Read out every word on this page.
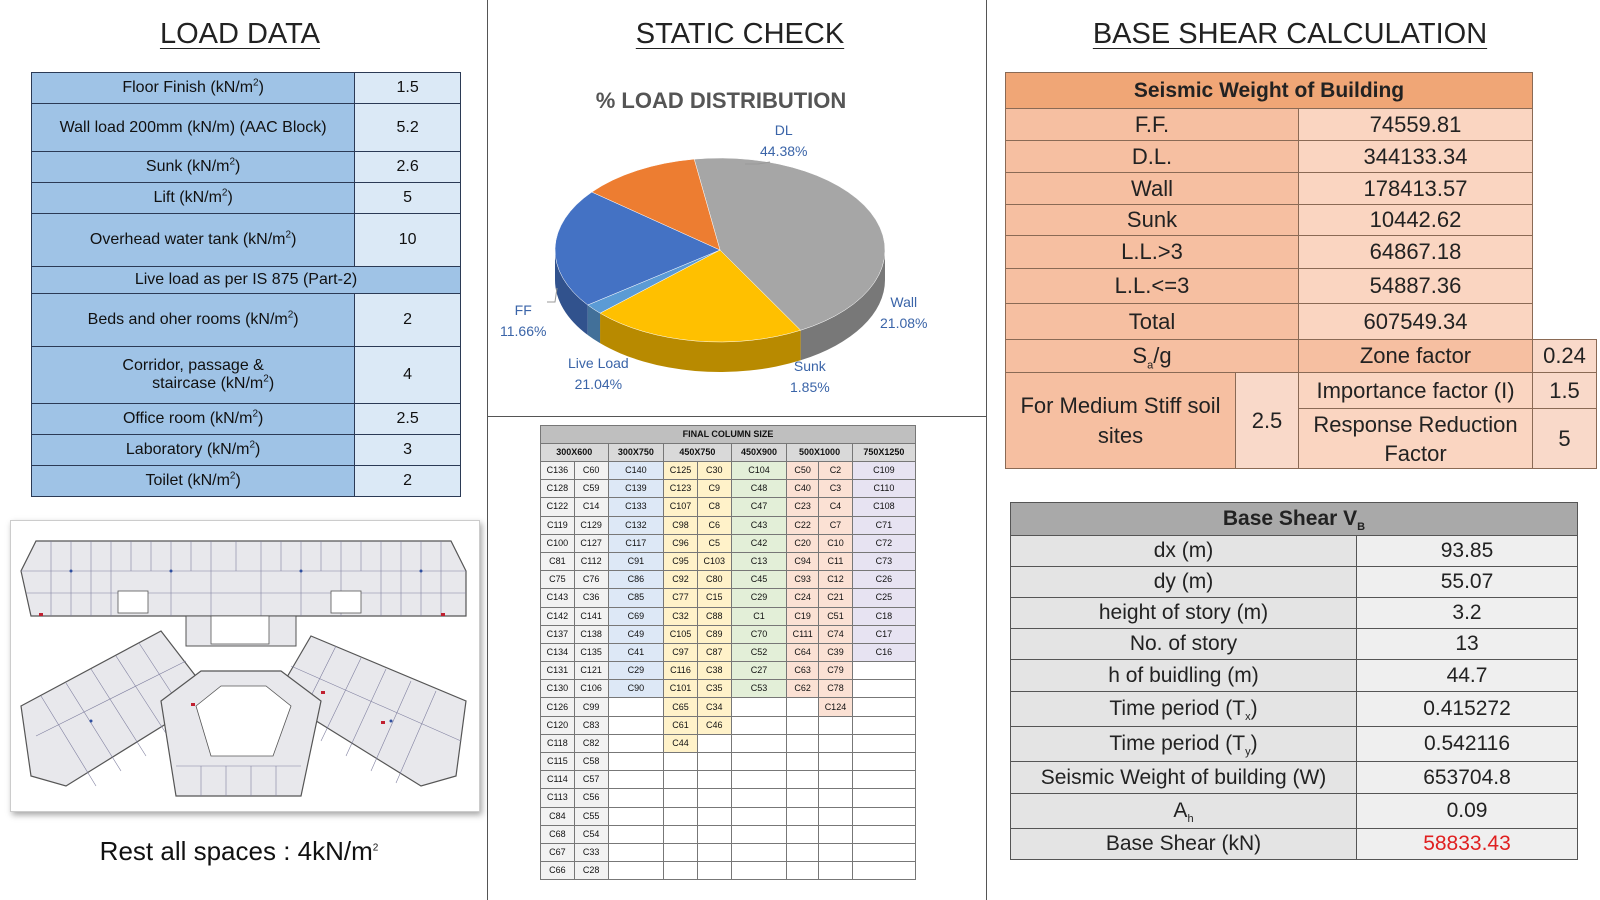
LOAD DATA	STATIC CHECK	BASE SHEAR CALCULATION
Floor Finish $(kN/m^2)$	1.5
Wall load 200mm (kN/m) (AAC Block)	5.2
Sunk $(kN/m^2)$	2.6
Lift $(kN/m^2)$	5
Overhead water tank $(kN/m^2)$	10
Live load as per IS 875 (Part-2)	
Beds and oher rooms $(kN/m^2)$	2

Corridor, passage &
staircase $(kN/m^2)$	4
Office room $(kN/m^2)$	2.5
Laboratory $(kN/m^2)$	3
Toilet $(kN/m^2)$	2
Rest all spaces : $4kN/m^2$
% LOAD DISTRIBUTION
DL
44.38%
Wall
21.08%
Sunk
1.85%
Live Load
21.04%
FF
11.66%
FINAL COLUMN SIZE								
300X600		300X750	450X750		450X900	500X1000		750X1250
C136	C60	C140	C125	C30	C104	C50	C2	C109
C128	C59	C139	C123	C9	C48	C40	C3	C110
C122	C14	C133	C107	C8	C47	C23	C4	C108
C119	C129	C132	C98	C6	C43	C22	C7	C71
C100	C127	C117	C96	C5	C42	C20	C10	C72
C81	C112	C91	C95	C103	C13	C94	C11	C73
C75	C76	C86	C92	C80	C45	C93	C12	C26
C143	C36	C85	C77	C15	C29	C24	C21	C25
C142	C141	C69	C32	C88	C1	C19	C51	C18
C137	C138	C49	C105	C89	C70	C111	C74	C17
C134	C135	C41	C97	C87	C52	C64	C39	C16
C131	C121	C29	C116	C38	C27	C63	C79	
C130	C106	C90	C101	C35	C53	C62	C78	
C126	C99		C65	C34			C124	
C120	C83		C61	C46				
C118	C82		C44					
C115	C58							
C114	C57							
C113	C56							
C84	C55							
C68	C54							
C67	C33							
C66	C28							
Seismic Weight of Building			
F.F.		74559.81	
D.L.		344133.34	
Wall		178413.57	
Sunk		10442.62	
L.L.>3		64867.18	
L.L.<=3		54887.36	
Total		607549.34	
$S_a/g$		Zone factor	0.24

For Medium Stiff soil
sites	2.5	Importance factor (I)	1.5

		Response Reduction
Factor	5
Base Shear $V_B$
dx (m)	93.85
dy (m)	55.07
height of story (m)	3.2
No. of story	13
h of buidling (m)	44.7
Time period $(T_x)$	0.415272
Time period $(T_y)$	0.542116
Seismic Weight of building (W)	653704.8
$A_h$	0.09
Base Shear (kN)	58833.43
